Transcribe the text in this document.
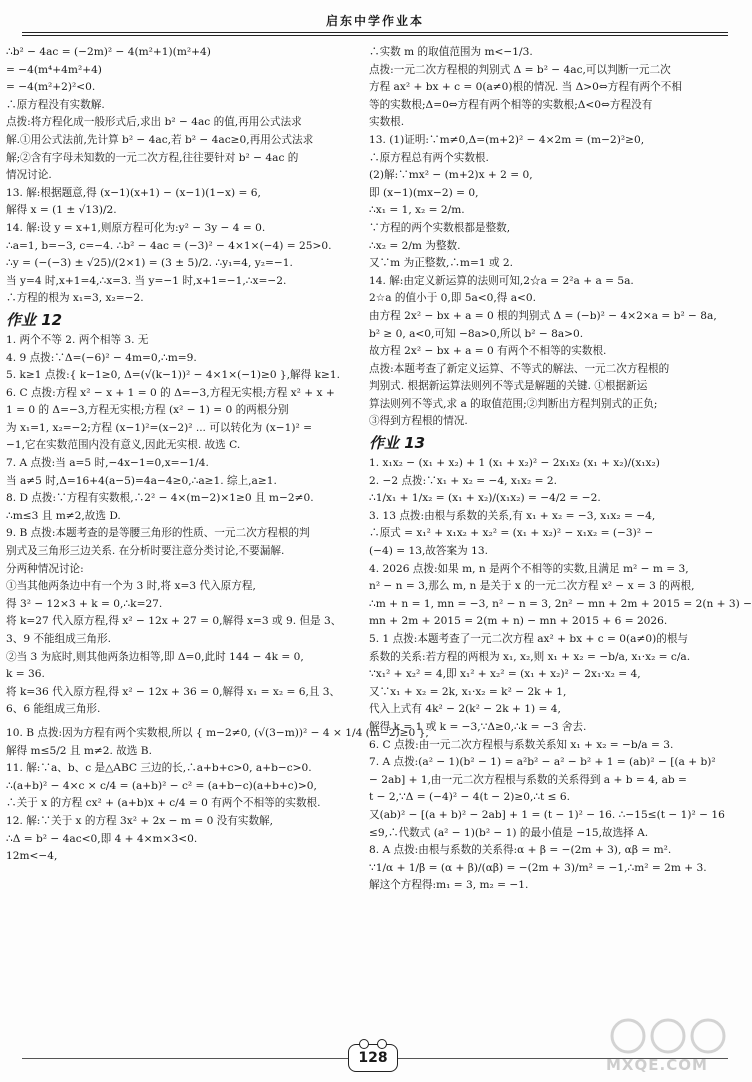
启东中学作业本
∴b² − 4ac = (−2m)² − 4(m²+1)(m²+4)
= −4(m⁴+4m²+4)
= −4(m²+2)²<0.
∴原方程没有实数解.
点拨:将方程化成一般形式后,求出 b² − 4ac 的值,再用公式法求
解.①用公式法前,先计算 b² − 4ac,若 b² − 4ac≥0,再用公式法求
解;②含有字母未知数的一元二次方程,往往要针对 b² − 4ac 的
情况讨论.
13. 解:根据题意,得 (x−1)(x+1) − (x−1)(1−x) = 6,
解得 x = (1 ± √13)/2.
14. 解:设 y = x+1,则原方程可化为:y² − 3y − 4 = 0.
∴a=1, b=−3, c=−4. ∴b² − 4ac = (−3)² − 4×1×(−4) = 25>0.
∴y = (−(−3) ± √25)/(2×1) = (3 ± 5)/2. ∴y₁=4, y₂=−1.
当 y=4 时,x+1=4,∴x=3. 当 y=−1 时,x+1=−1,∴x=−2.
∴方程的根为 x₁=3, x₂=−2.
作业 12
1. 两个不等 2. 两个相等 3. 无
4. 9 点拨:∵Δ=(−6)² − 4m=0,∴m=9.
5. k≥1 点拨:{ k−1≥0, Δ=(√(k−1))² − 4×1×(−1)≥0 },解得 k≥1.
6. C 点拨:方程 x² − x + 1 = 0 的 Δ=−3,方程无实根;方程 x² + x +
1 = 0 的 Δ=−3,方程无实根;方程 (x² − 1) = 0 的两根分别
为 x₁=1, x₂=−2;方程 (x−1)²=(x−2)² ... 可以转化为 (x−1)² =
−1,它在实数范围内没有意义,因此无实根. 故选 C.
7. A 点拨:当 a=5 时,−4x−1=0,x=−1/4.
当 a≠5 时,Δ=16+4(a−5)=4a−4≥0,∴a≥1. 综上,a≥1.
8. D 点拨:∵方程有实数根,∴2² − 4×(m−2)×1≥0 且 m−2≠0.
∴m≤3 且 m≠2,故选 D.
9. B 点拨:本题考查的是等腰三角形的性质、一元二次方程根的判
别式及三角形三边关系. 在分析时要注意分类讨论,不要漏解.
分两种情况讨论:
①当其他两条边中有一个为 3 时,将 x=3 代入原方程,
得 3² − 12×3 + k = 0,∴k=27.
将 k=27 代入原方程,得 x² − 12x + 27 = 0,解得 x=3 或 9. 但是 3、
3、9 不能组成三角形.
②当 3 为底时,则其他两条边相等,即 Δ=0,此时 144 − 4k = 0,
k = 36.
将 k=36 代入原方程,得 x² − 12x + 36 = 0,解得 x₁ = x₂ = 6,且 3、
6、6 能组成三角形.
10. B 点拨:因为方程有两个实数根,所以 { m−2≠0, (√(3−m))² − 4 × 1/4 (m−2)≥0 },
解得 m≤5/2 且 m≠2. 故选 B.
11. 解:∵a、b、c 是△ABC 三边的长,∴a+b+c>0, a+b−c>0.
∴(a+b)² − 4×c × c/4 = (a+b)² − c² = (a+b−c)(a+b+c)>0,
∴关于 x 的方程 cx² + (a+b)x + c/4 = 0 有两个不相等的实数根.
12. 解:∵关于 x 的方程 3x² + 2x − m = 0 没有实数解,
∴Δ = b² − 4ac<0,即 4 + 4×m×3<0.
12m<−4,
∴实数 m 的取值范围为 m<−1/3.
点拨:一元二次方程根的判别式 Δ = b² − 4ac,可以判断一元二次
方程 ax² + bx + c = 0(a≠0)根的情况. 当 Δ>0⇔方程有两个不相
等的实数根;Δ=0⇔方程有两个相等的实数根;Δ<0⇔方程没有
实数根.
13. (1)证明:∵m≠0,Δ=(m+2)² − 4×2m = (m−2)²≥0,
∴原方程总有两个实数根.
(2)解:∵mx² − (m+2)x + 2 = 0,
即 (x−1)(mx−2) = 0,
∴x₁ = 1, x₂ = 2/m.
∵方程的两个实数根都是整数,
∴x₂ = 2/m 为整数.
又∵m 为正整数,∴m=1 或 2.
14. 解:由定义新运算的法则可知,2☆a = 2²a + a = 5a.
2☆a 的值小于 0,即 5a<0,得 a<0.
由方程 2x² − bx + a = 0 根的判别式 Δ = (−b)² − 4×2×a = b² − 8a,
b² ≥ 0, a<0,可知 −8a>0,所以 b² − 8a>0.
故方程 2x² − bx + a = 0 有两个不相等的实数根.
点拨:本题考查了新定义运算、不等式的解法、一元二次方程根的
判别式. 根据新运算法则列不等式是解题的关键. ①根据新运
算法则列不等式,求 a 的取值范围;②判断出方程判别式的正负;
③得到方程根的情况.
作业 13
1. x₁x₂ − (x₁ + x₂) + 1 (x₁ + x₂)² − 2x₁x₂ (x₁ + x₂)/(x₁x₂)
2. −2 点拨:∵x₁ + x₂ = −4, x₁x₂ = 2.
∴1/x₁ + 1/x₂ = (x₁ + x₂)/(x₁x₂) = −4/2 = −2.
3. 13 点拨:由根与系数的关系,有 x₁ + x₂ = −3, x₁x₂ = −4,
∴原式 = x₁² + x₁x₂ + x₂² = (x₁ + x₂)² − x₁x₂ = (−3)² −
(−4) = 13,故答案为 13.
4. 2026 点拨:如果 m, n 是两个不相等的实数,且满足 m² − m = 3,
n² − n = 3,那么 m, n 是关于 x 的一元二次方程 x² − x = 3 的两根,
∴m + n = 1, mn = −3, n² − n = 3, 2n² − mn + 2m + 2015 = 2(n + 3) −
mn + 2m + 2015 = 2(m + n) − mn + 2015 + 6 = 2026.
5. 1 点拨:本题考查了一元二次方程 ax² + bx + c = 0(a≠0)的根与
系数的关系:若方程的两根为 x₁, x₂,则 x₁ + x₂ = −b/a, x₁·x₂ = c/a.
∵x₁² + x₂² = 4,即 x₁² + x₂² = (x₁ + x₂)² − 2x₁·x₂ = 4,
又∵x₁ + x₂ = 2k, x₁·x₂ = k² − 2k + 1,
代入上式有 4k² − 2(k² − 2k + 1) = 4,
解得 k = 1 或 k = −3,∵Δ≥0,∴k = −3 舍去.
6. C 点拨:由一元二次方程根与系数关系知 x₁ + x₂ = −b/a = 3.
7. A 点拨:(a² − 1)(b² − 1) = a²b² − a² − b² + 1 = (ab)² − [(a + b)²
− 2ab] + 1,由一元二次方程根与系数的关系得到 a + b = 4, ab =
t − 2,∵Δ = (−4)² − 4(t − 2)≥0,∴t ≤ 6.
又(ab)² − [(a + b)² − 2ab] + 1 = (t − 1)² − 16. ∴−15≤(t − 1)² − 16
≤9,∴代数式 (a² − 1)(b² − 1) 的最小值是 −15,故选择 A.
8. A 点拨:由根与系数的关系得:α + β = −(2m + 3), αβ = m².
∵1/α + 1/β = (α + β)/(αβ) = −(2m + 3)/m² = −1,∴m² = 2m + 3.
解这个方程得:m₁ = 3, m₂ = −1.
128	MXQE.COM
